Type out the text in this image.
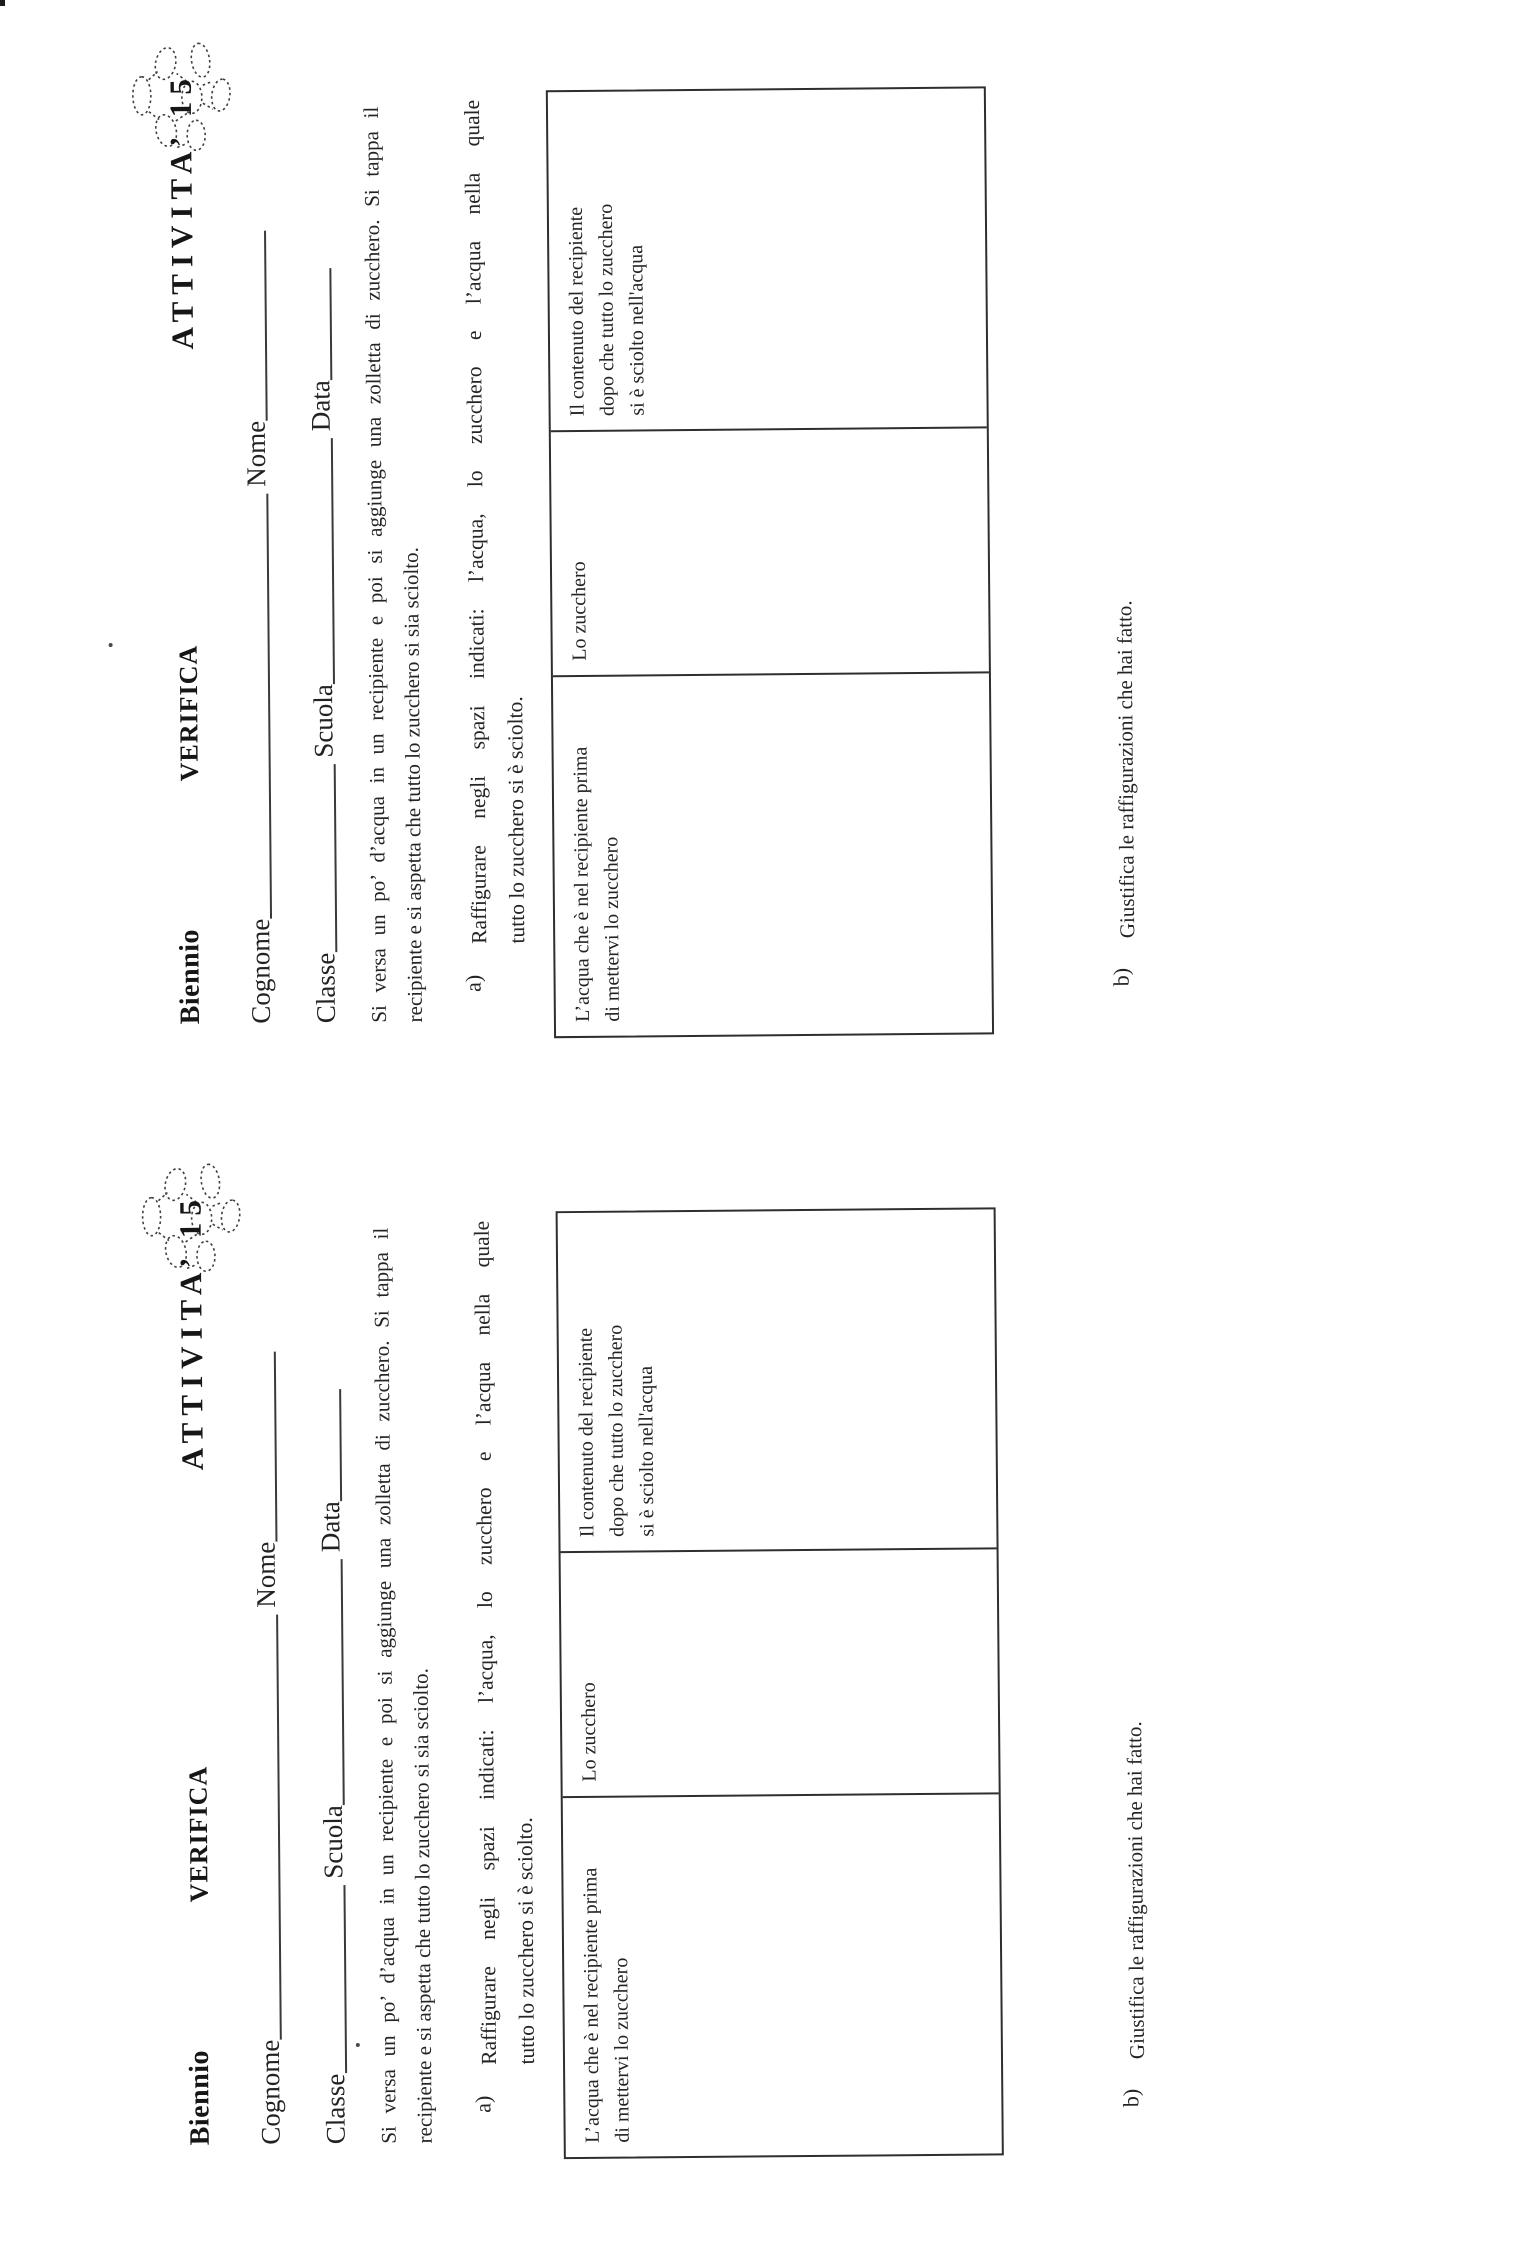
Biennio
VERIFICA
ATTIVITA’ 15
Cognome
Nome
Classe
Scuola
Data Si versa un po’ d’acqua in un recipiente e poi si aggiunge una zolletta di zucchero. Si tappa il recipiente e si aspetta che tutto lo zucchero si sia sciolto. a)
Raffigurare negli spazi indicati: l’acqua, lo zucchero e l’acqua nella quale tutto lo zucchero si è sciolto.	L’acqua che è nel recipiente prima
di mettervi lo zucchero
Lo zucchero
Il contenuto del recipiente
dopo che tutto lo zucchero
si è sciolto nell'acqua
b)
Giustifica le raffigurazioni che hai fatto.
Biennio
VERIFICA
ATTIVITA’ 15
Cognome
Nome
Classe
Scuola
Data Si versa un po’ d’acqua in un recipiente e poi si aggiunge una zolletta di zucchero. Si tappa il recipiente e si aspetta che tutto lo zucchero si sia sciolto. a)
Raffigurare negli spazi indicati: l’acqua, lo zucchero e l’acqua nella quale tutto lo zucchero si è sciolto.	L’acqua che è nel recipiente prima
di mettervi lo zucchero
Lo zucchero
Il contenuto del recipiente
dopo che tutto lo zucchero
si è sciolto nell'acqua
b)
Giustifica le raffigurazioni che hai fatto.
